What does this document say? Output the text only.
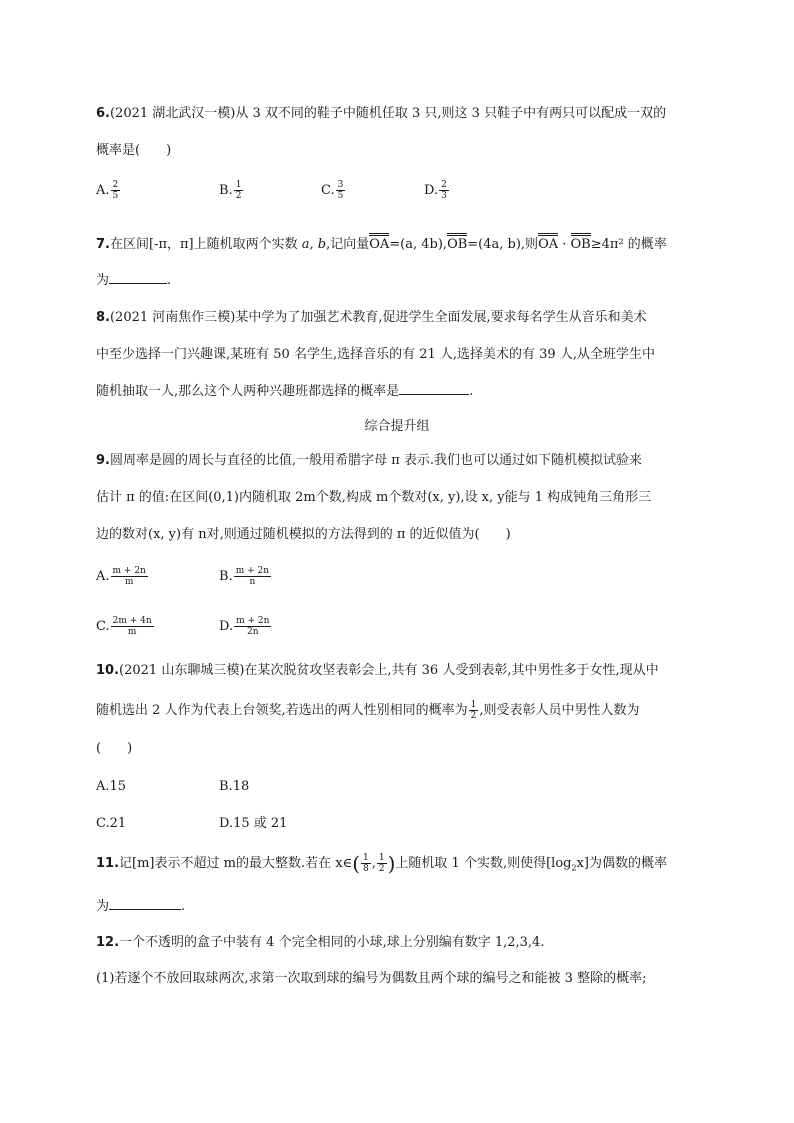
6.(2021 湖北武汉一模)从 3 双不同的鞋子中随机任取 3 只,则这 3 只鞋子中有两只可以配成一双的
概率是(　　)
A. $\frac{2}{5}$	B. $\frac{1}{2}$	C. $\frac{3}{5}$	D. $\frac{2}{3}$
7.在区间[-π，π]上随机取两个实数 a, b,记向量OA=(a, 4b),OB=(4a, b),则OA · OB≥4π² 的概率
为	.
8.(2021 河南焦作三模)某中学为了加强艺术教育,促进学生全面发展,要求每名学生从音乐和美术
中至少选择一门兴趣课,某班有 50 名学生,选择音乐的有 21 人,选择美术的有 39 人,从全班学生中
随机抽取一人,那么这个人两种兴趣班都选择的概率是	.
综合提升组
9.圆周率是圆的周长与直径的比值,一般用希腊字母 π 表示.我们也可以通过如下随机模拟试验来
估计 π 的值:在区间(0,1)内随机取 2m个数,构成 m个数对(x, y),设 x, y能与 1 构成钝角三角形三
边的数对(x, y)有 n对,则通过随机模拟的方法得到的 π 的近似值为(　　)
A. $\frac{m + 2n}{m}$	B. $\frac{m + 2n}{n}$
C. $\frac{2m + 4n}{m}$	D. $\frac{m + 2n}{2n}$
10.(2021 山东聊城三模)在某次脱贫攻坚表彰会上,共有 36 人受到表彰,其中男性多于女性,现从中
随机选出 2 人作为代表上台领奖,若选出的两人性别相同的概率为 $\frac{1}{2}$ ,则受表彰人员中男性人数为
(　　)
A.15	B.18
C.21	D.15 或 21
11.记[m]表示不超过 m的最大整数.若在 x∈( $\frac{1}{8}$ , $\frac{1}{2}$ )上随机取 1 个实数,则使得$[\log_2x]$为偶数的概率
为	.
12.一个不透明的盒子中装有 4 个完全相同的小球,球上分别编有数字 1,2,3,4.
(1)若逐个不放回取球两次,求第一次取到球的编号为偶数且两个球的编号之和能被 3 整除的概率;
